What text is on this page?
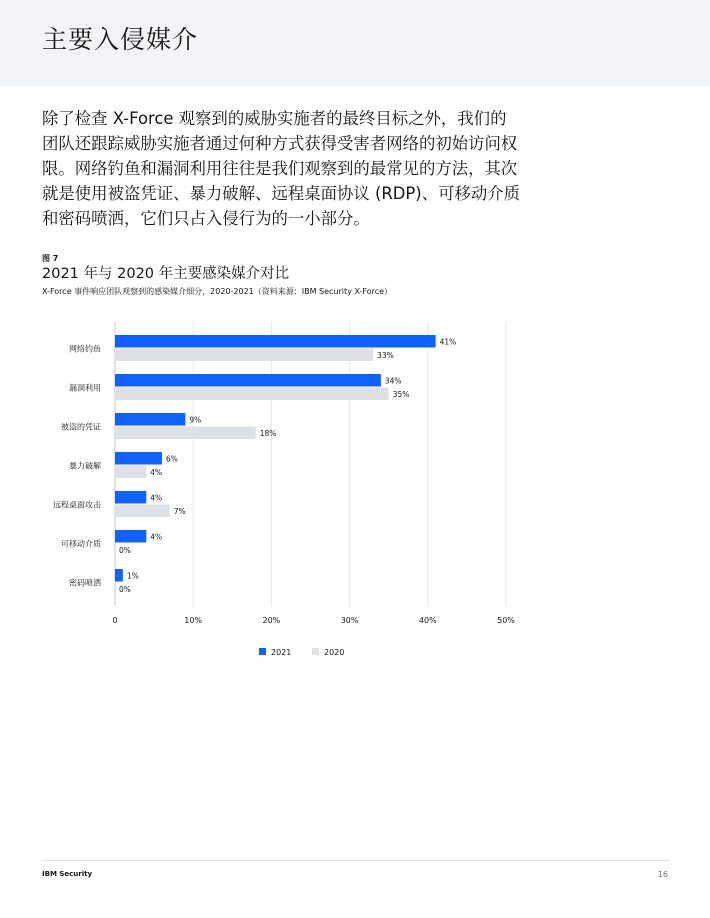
主要入侵媒介

除了检查 X-Force 观察到的威胁实施者的最终目标之外，我们的团队还跟踪威胁实施者通过何种方式获得受害者网络的初始访问权限。网络钓鱼和漏洞利用往往是我们观察到的最常见的方法，其次就是使用被盗凭证、暴力破解、远程桌面协议 (RDP)、可移动介质和密码喷洒，它们只占入侵行为的一小部分。

图 7
2021 年与 2020 年主要感染媒介对比
X-Force 事件响应团队观察到的感染媒介细分，2020-2021（资料来源：IBM Security X-Force）
0	10%	20%	30%	40%	50%
网络钓鱼
41%
33%
漏洞利用
34%
35%
被盗的凭证
9%
18%
暴力破解
6%
4%
远程桌面攻击
4%
7%
可移动介质
4%
0%
密码喷洒
1%
0%
2021	2020
IBM Security	16
